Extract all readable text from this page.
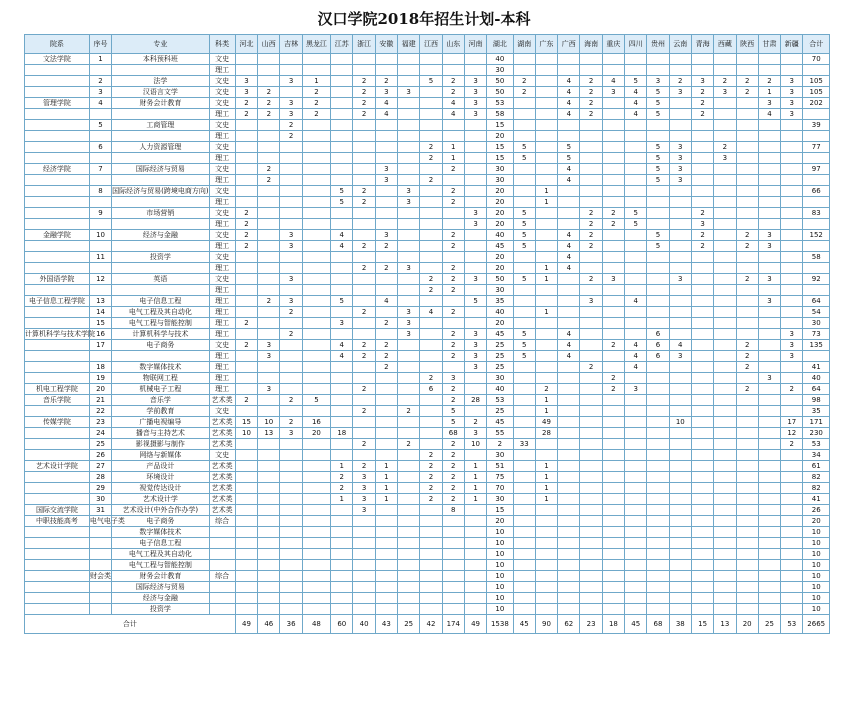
汉口学院2018年招生计划-本科
院系	序号	专业	科类	河北	山西	吉林	黑龙江	江苏	浙江	安徽	福建	江西	山东	河南	湖北	湖南	广东	广西	海南	重庆	四川	贵州	云南	青海	西藏	陕西	甘肃	新疆	合计
文法学院	1	本科预科班	文史												40														70
			理工												30														
	2	法学	文史	3		3	1		2	2		5	2	3	50	2		4	2	4	5	3	2	3	2	2	2	3	105
	3	汉语言文学	文史	3	2		2		2	3	3		2	3	50	2		4	2	3	4	5	3	2	3	2	1	3	105
管理学院	4	财务会计教育	文史	2	2	3	2		2	4			4	3	53			4	2		4	5		2			3	3	202
			理工	2	2	3	2		2	4			4	3	58			4	2		4	5		2			4	3	
	5	工商管理	文史			2									15														39
			理工			2									20														
	6	人力资源管理	文史									2	1		15	5		5				5	3		2				77
			理工									2	1		15	5		5				5	3		3				
经济学院	7	国际经济与贸易	文史		2					3			2		30			4				5	3						97
			理工		2					3		2			30			4				5	3						
	8	国际经济与贸易(跨境电商方向)	文史					5	2		3		2		20		1												66
			理工					5	2		3		2		20		1												
	9	市场营销	文史	2										3	20	5			2	2	5			2					83
			理工	2										3	20	5			2	2	5			3					
金融学院	10	经济与金融	文史	2		3		4		3			2		40	5		4	2			5		2		2	3		152
			理工	2		3		4	2	2			2		45	5		4	2			5		2		2	3		
	11	投资学	文史												20			4											58
			理工						2	2	3		2		20		1	4											
外国语学院	12	英语	文史			3						2	2	3	50	5	1		2	3			3			2	3		92
			理工									2	2		30														
电子信息工程学院	13	电子信息工程	理工		2	3		5		4				5	35				3		4						3		64
	14	电气工程及其自动化	理工			2			2		3	4	2		40		1												54
	15	电气工程与智能控制	理工	2				3		2	3				20														30
计算机科学与技术学院	16	计算机科学与技术	理工			2					3		2	3	45	5		4				6						3	73
	17	电子商务	文史	2	3			4	2	2			2	3	25	5		4		2	4	6	4			2		3	135
			理工		3			4	2	2			2	3	25	5		4			4	6	3			2		3	
	18	数字媒体技术	理工							2				3	25				2		4					2			41
	19	物联网工程	理工									2	3		30					2							3		40
机电工程学院	20	机械电子工程	理工		3				2			6	2		40		2			2	3					2		2	64
音乐学院	21	音乐学	艺术类	2		2	5						2	28	53		1												98
	22	学前教育	文史						2		2		5		25		1												35
传媒学院	23	广播电视编导	艺术类	15	10	2	16						5	2	45		49						10					17	171
	24	播音与主持艺术	艺术类	10	13	3	20	18					68	3	55		28											12	230
	25	影视摄影与制作	艺术类						2		2		2	10	2	33												2	53
	26	网络与新媒体	文史									2	2		30														34
艺术设计学院	27	产品设计	艺术类					1	2	1		2	2	1	51		1												61
	28	环境设计	艺术类					2	3	1		2	2	1	75		1												82
	29	视觉传达设计	艺术类					2	3	1		2	2	1	70		1												82
	30	艺术设计学	艺术类					1	3	1		2	2	1	30		1												41
国际交流学院	31	艺术设计(中外合作办学)	艺术类						3				8		15														26
中职技能高考	电气电子类	电子商务	综合												20														20
		数字媒体技术													10														10
		电子信息工程													10														10
		电气工程及其自动化													10														10
		电气工程与智能控制													10														10
	财会类	财务会计教育	综合												10														10
		国际经济与贸易													10														10
		经济与金融													10														10
		投资学													10														10
合计				49	46	36	48	60	40	43	25	42	174	49	1538	45	90	62	23	18	45	68	38	15	13	20	25	53	2665
